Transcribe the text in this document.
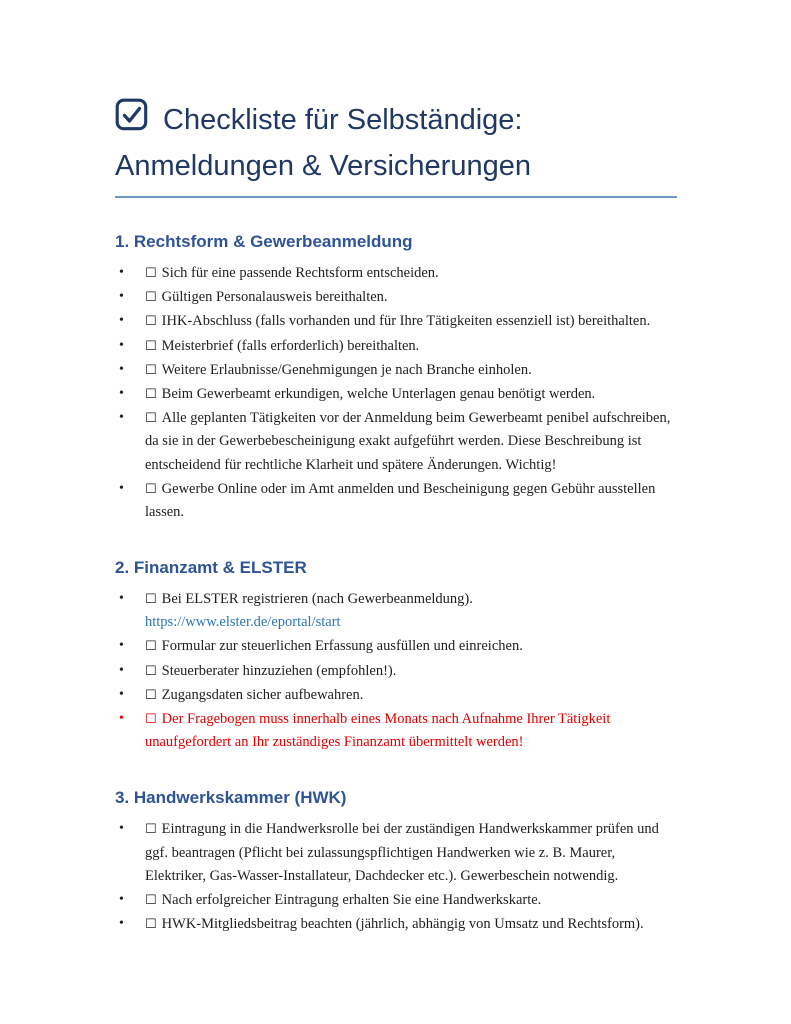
Checkliste für Selbständige:
Anmeldungen & Versicherungen
1. Rechtsform & Gewerbeanmeldung
•	☐ Sich für eine passende Rechtsform entscheiden.
•	☐ Gültigen Personalausweis bereithalten.
•	☐ IHK-Abschluss (falls vorhanden und für Ihre Tätigkeiten essenziell ist) bereithalten.
•	☐ Meisterbrief (falls erforderlich) bereithalten.
•	☐ Weitere Erlaubnisse/Genehmigungen je nach Branche einholen.
•	☐ Beim Gewerbeamt erkundigen, welche Unterlagen genau benötigt werden.
•	☐ Alle geplanten Tätigkeiten vor der Anmeldung beim Gewerbeamt penibel aufschreiben, da sie in der Gewerbebescheinigung exakt aufgeführt werden. Diese Beschreibung ist entscheidend für rechtliche Klarheit und spätere Änderungen. Wichtig!
•	☐ Gewerbe Online oder im Amt anmelden und Bescheinigung gegen Gebühr ausstellen lassen.
2. Finanzamt & ELSTER
•	☐ Bei ELSTER registrieren (nach Gewerbeanmeldung).
https://www.elster.de/eportal/start
•	☐ Formular zur steuerlichen Erfassung ausfüllen und einreichen.
•	☐ Steuerberater hinzuziehen (empfohlen!).
•	☐ Zugangsdaten sicher aufbewahren.
•	☐ Der Fragebogen muss innerhalb eines Monats nach Aufnahme Ihrer Tätigkeit unaufgefordert an Ihr zuständiges Finanzamt übermittelt werden!
3. Handwerkskammer (HWK)
•	☐ Eintragung in die Handwerksrolle bei der zuständigen Handwerkskammer prüfen und ggf. beantragen (Pflicht bei zulassungspflichtigen Handwerken wie z. B. Maurer, Elektriker, Gas-Wasser-Installateur, Dachdecker etc.). Gewerbeschein notwendig.
•	☐ Nach erfolgreicher Eintragung erhalten Sie eine Handwerkskarte.
•	☐ HWK-Mitgliedsbeitrag beachten (jährlich, abhängig von Umsatz und Rechtsform).
